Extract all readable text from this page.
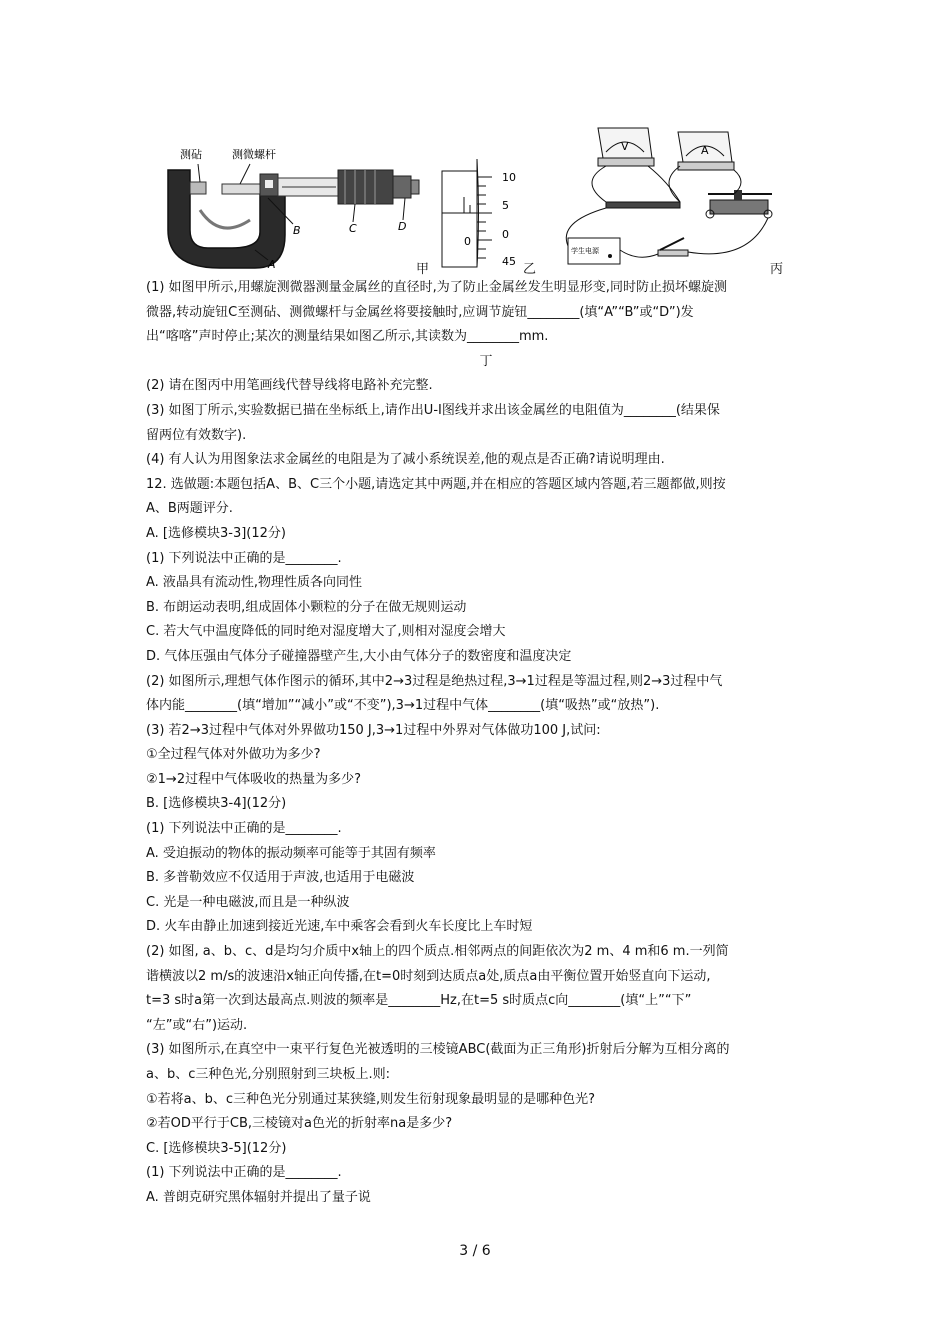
测砧	测微螺杆
A
B	C	D
甲
10
5
0
45
0
乙
V	A
学生电源
丙
(1) 如图甲所示,用螺旋测微器测量金属丝的直径时,为了防止金属丝发生明显形变,同时防止损坏螺旋测
微器,转动旋钮C至测砧、测微螺杆与金属丝将要接触时,应调节旋钮________(填“A”“B”或“D”)发
出“喀喀”声时停止;某次的测量结果如图乙所示,其读数为________mm.
丁
(2) 请在图丙中用笔画线代替导线将电路补充完整.
(3) 如图丁所示,实验数据已描在坐标纸上,请作出U-I图线并求出该金属丝的电阻值为________(结果保
留两位有效数字).
(4) 有人认为用图象法求金属丝的电阻是为了减小系统误差,他的观点是否正确?请说明理由.
12. 选做题:本题包括A、B、C三个小题,请选定其中两题,并在相应的答题区域内答题,若三题都做,则按
A、B两题评分.
A. [选修模块3-3](12分)
(1) 下列说法中正确的是________.
A. 液晶具有流动性,物理性质各向同性
B. 布朗运动表明,组成固体小颗粒的分子在做无规则运动
C. 若大气中温度降低的同时绝对湿度增大了,则相对湿度会增大
D. 气体压强由气体分子碰撞器壁产生,大小由气体分子的数密度和温度决定
(2) 如图所示,理想气体作图示的循环,其中2→3过程是绝热过程,3→1过程是等温过程,则2→3过程中气
体内能________(填“增加”“减小”或“不变”),3→1过程中气体________(填“吸热”或“放热”).
(3) 若2→3过程中气体对外界做功150 J,3→1过程中外界对气体做功100 J,试问:
①全过程气体对外做功为多少?
②1→2过程中气体吸收的热量为多少?
B. [选修模块3-4](12分)
(1) 下列说法中正确的是________.
A. 受迫振动的物体的振动频率可能等于其固有频率
B. 多普勒效应不仅适用于声波,也适用于电磁波
C. 光是一种电磁波,而且是一种纵波
D. 火车由静止加速到接近光速,车中乘客会看到火车长度比上车时短
(2) 如图, a、b、c、d是均匀介质中x轴上的四个质点.相邻两点的间距依次为2 m、4 m和6 m.一列简
谐横波以2 m/s的波速沿x轴正向传播,在t=0时刻到达质点a处,质点a由平衡位置开始竖直向下运动,
t=3 s时a第一次到达最高点.则波的频率是________Hz,在t=5 s时质点c向________(填“上”“下”
“左”或“右”)运动.
(3) 如图所示,在真空中一束平行复色光被透明的三棱镜ABC(截面为正三角形)折射后分解为互相分离的
a、b、c三种色光,分别照射到三块板上.则:
①若将a、b、c三种色光分别通过某狭缝,则发生衍射现象最明显的是哪种色光?
②若OD平行于CB,三棱镜对a色光的折射率na是多少?
C. [选修模块3-5](12分)
(1) 下列说法中正确的是________.
A. 普朗克研究黑体辐射并提出了量子说
3 / 6
